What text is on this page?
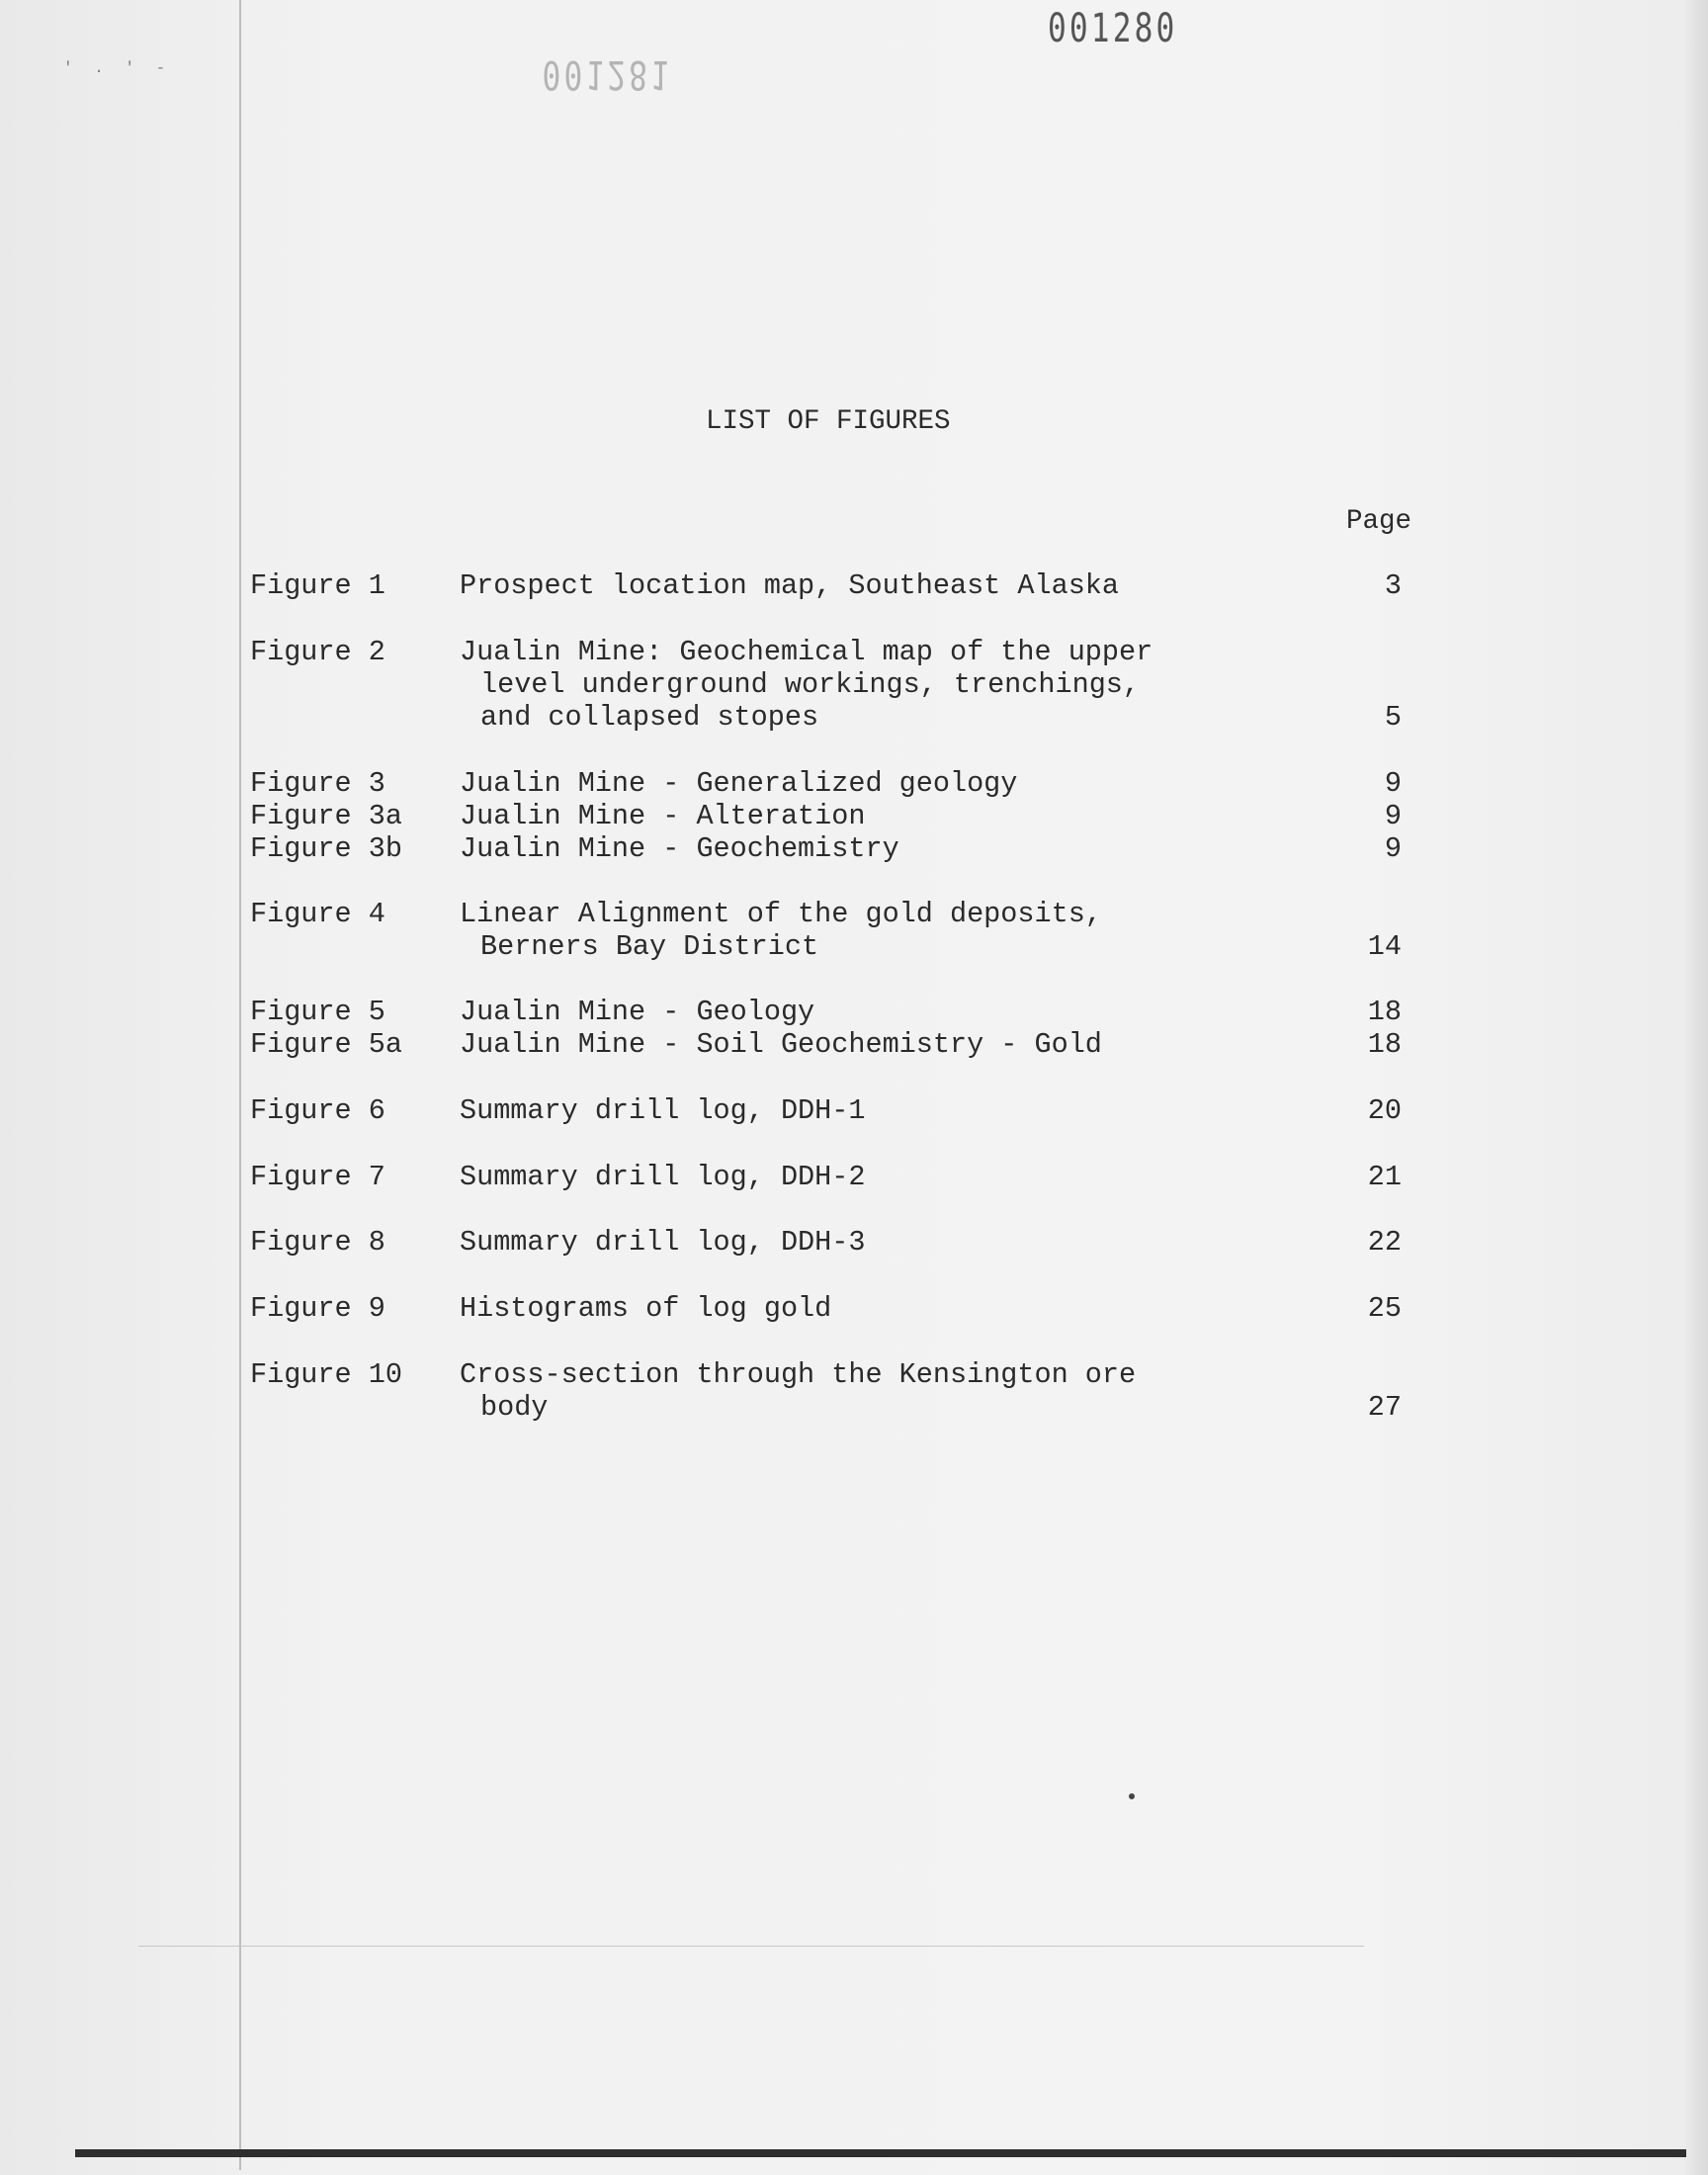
' . ' -
001280
001281
LIST OF FIGURES
Page
Figure 1	Prospect location map, Southeast Alaska	3
Figure 2	Jualin Mine: Geochemical map of the upper
level underground workings, trenchings,
and collapsed stopes	5
Figure 3	Jualin Mine - Generalized geology	9
Figure 3a Jualin Mine - Alteration	9
Figure 3b Jualin Mine - Geochemistry	9
Figure 4	Linear Alignment of the gold deposits,
Berners Bay District	14
Figure 5	Jualin Mine - Geology	18
Figure 5a Jualin Mine - Soil Geochemistry - Gold	18
Figure 6	Summary drill log, DDH-1	20
Figure 7	Summary drill log, DDH-2	21
Figure 8	Summary drill log, DDH-3	22
Figure 9	Histograms of log gold	25
Figure 10 Cross-section through the Kensington ore
body	27
